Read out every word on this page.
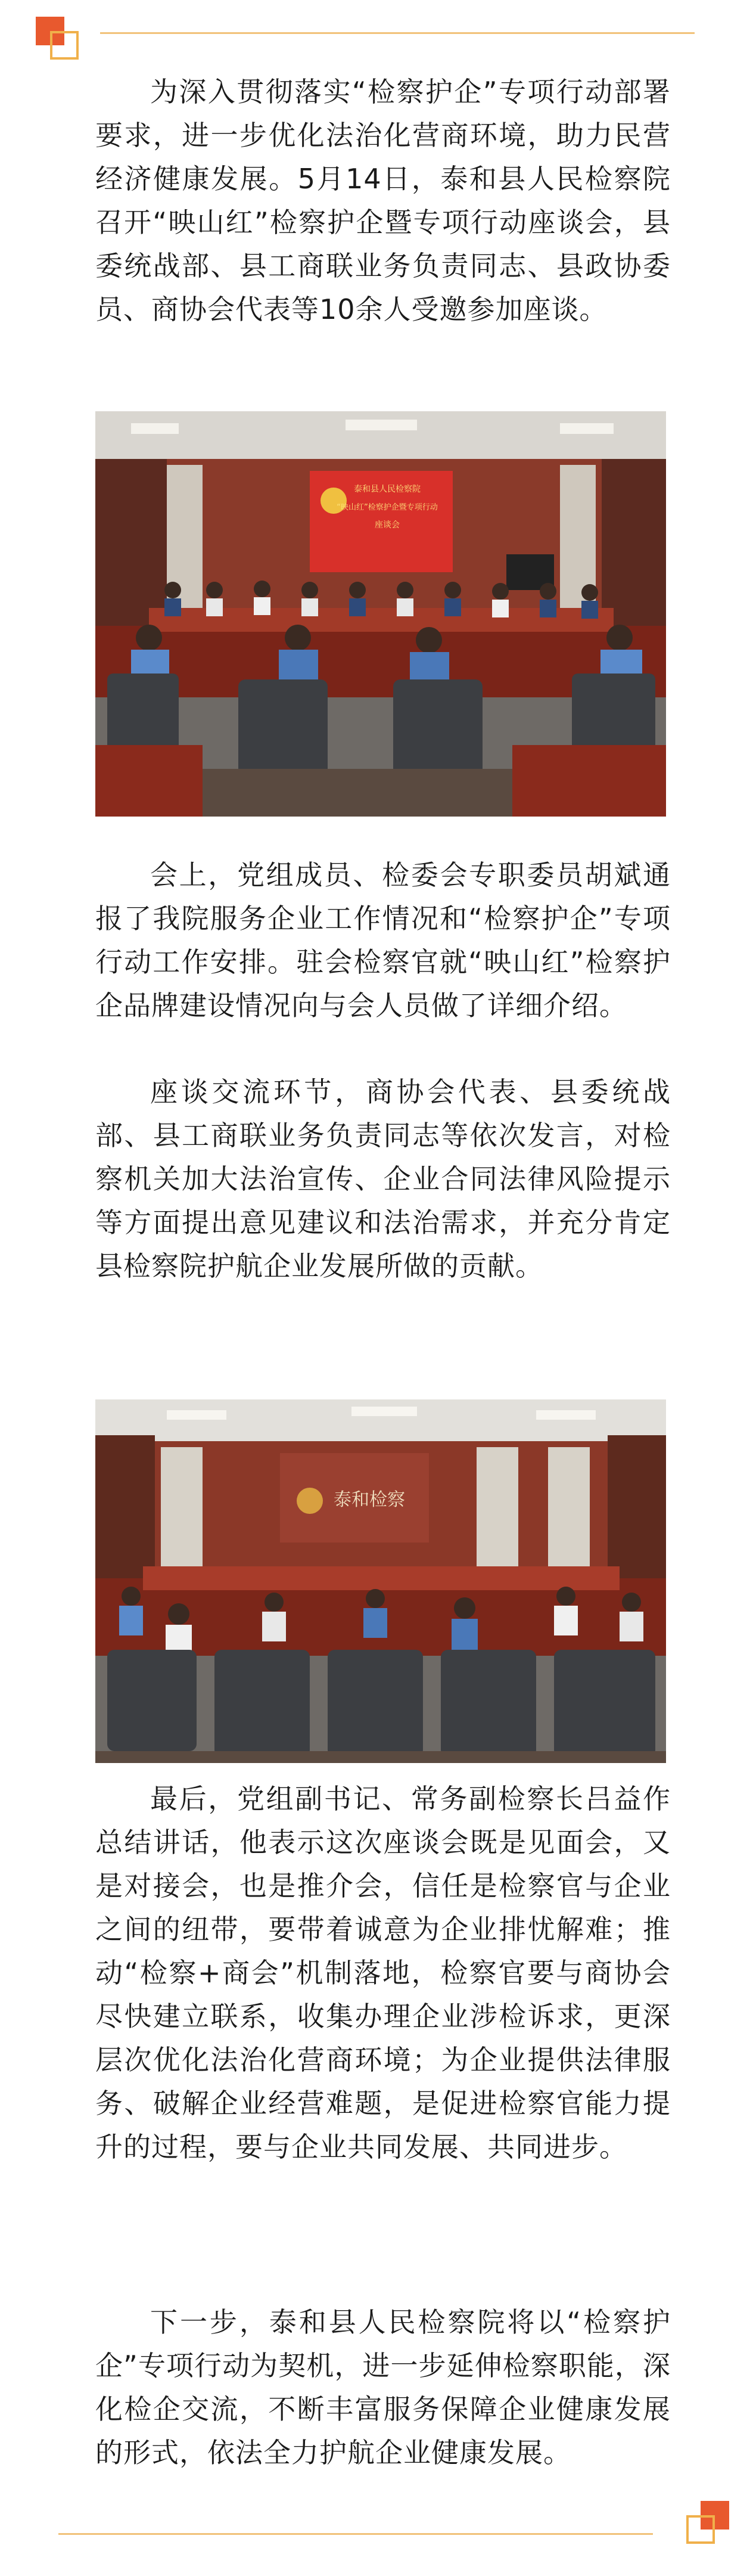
为深入贯彻落实“检察护企”专项行动部署要求，进一步优化法治化营商环境，助力民营经济健康发展。5月14日，泰和县人民检察院召开“映山红”检察护企暨专项行动座谈会，县委统战部、县工商联业务负责同志、县政协委员、商协会代表等10余人受邀参加座谈。

泰和县人民检察院
“映山红”检察护企暨专项行动
座谈会

会上，党组成员、检委会专职委员胡斌通报了我院服务企业工作情况和“检察护企”专项行动工作安排。驻会检察官就“映山红”检察护企品牌建设情况向与会人员做了详细介绍。

座谈交流环节，商协会代表、县委统战部、县工商联业务负责同志等依次发言，对检察机关加大法治宣传、企业合同法律风险提示等方面提出意见建议和法治需求，并充分肯定县检察院护航企业发展所做的贡献。

泰和检察

最后，党组副书记、常务副检察长吕益作总结讲话，他表示这次座谈会既是见面会，又是对接会，也是推介会，信任是检察官与企业之间的纽带，要带着诚意为企业排忧解难；推动“检察+商会”机制落地，检察官要与商协会尽快建立联系，收集办理企业涉检诉求，更深层次优化法治化营商环境；为企业提供法律服务、破解企业经营难题，是促进检察官能力提升的过程，要与企业共同发展、共同进步。

下一步，泰和县人民检察院将以“检察护企”专项行动为契机，进一步延伸检察职能，深化检企交流，不断丰富服务保障企业健康发展的形式，依法全力护航企业健康发展。
